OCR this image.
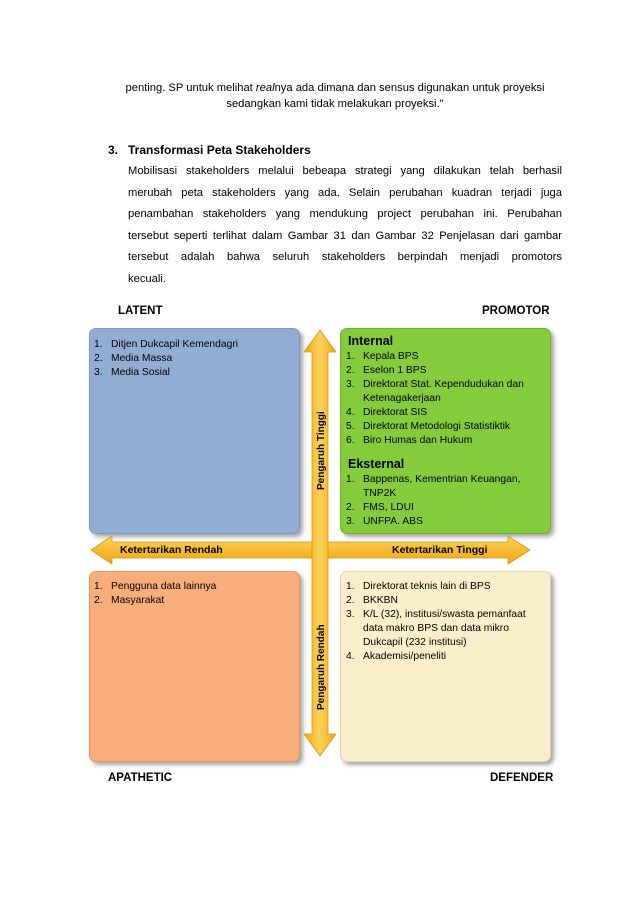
penting. SP untuk melihat realnya ada dimana dan sensus digunakan untuk proyeksi
sedangkan kami tidak melakukan proyeksi."
3. Transformasi Peta Stakeholders
Mobilisasi stakeholders melalui bebeapa strategi yang dilakukan telah berhasil
merubah peta stakeholders yang ada. Selain perubahan kuadran terjadi juga
penambahan stakeholders yang mendukung project perubahan ini. Perubahan
tersebut seperti terlihat dalam Gambar 31 dan Gambar 32 Penjelasan dari gambar
tersebut adalah bahwa seluruh stakeholders berpindah menjadi promotors
kecuali.
LATENT	PROMOTOR
APATHETIC	DEFENDER
Pengaruh Tinggi
Pengaruh Rendah
Ketertarikan Rendah	Ketertarikan Tinggi
1. Ditjen Dukcapil Kemendagri
2. Media Massa
3. Media Sosial
Internal
1. Kepala BPS
2. Eselon 1 BPS
3. Direktorat Stat. Kependudukan dan Ketenagakerjaan
4. Direktorat SIS
5. Direktorat Metodologi Statistiktik
6. Biro Humas dan Hukum
Eksternal
1. Bappenas, Kementrian Keuangan, TNP2K
2. FMS, LDUI
3. UNFPA. ABS
1. Pengguna data lainnya
2. Masyarakat
1. Direktorat teknis lain di BPS
2. BKKBN
3. K/L (32), institusi/swasta pemanfaat data makro BPS dan data mikro Dukcapil (232 institusi)
4. Akademisi/peneliti
